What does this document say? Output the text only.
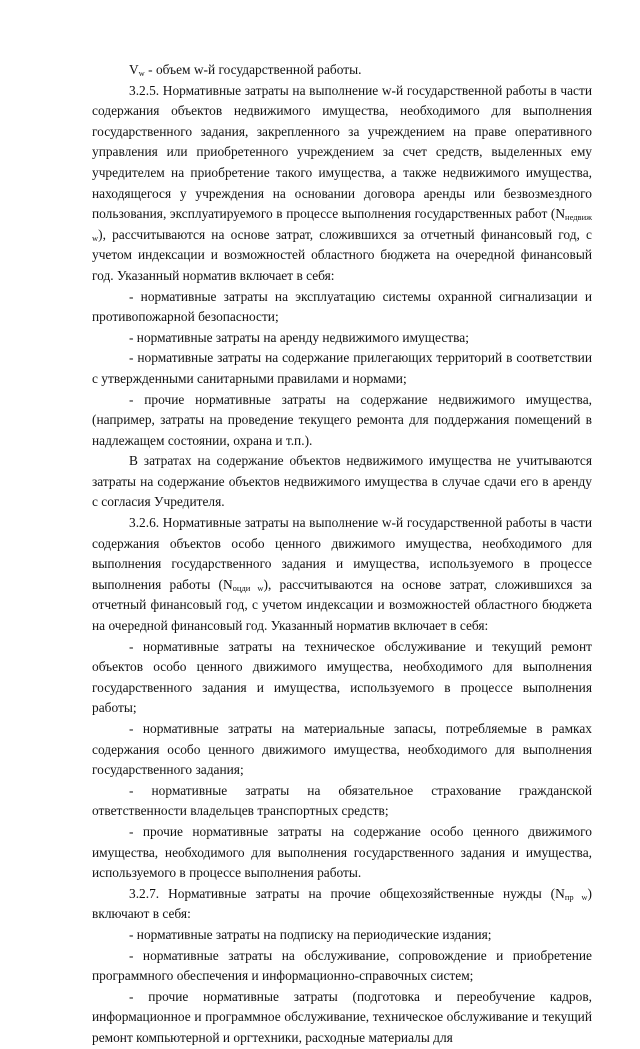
$V_w$ - объем w-й государственной работы.

3.2.5. Нормативные затраты на выполнение w-й государственной работы в части содержания объектов недвижимого имущества, необходимого для выполнения государственного задания, закрепленного за учреждением на праве оперативного управления или приобретенного учреждением за счет средств, выделенных ему учредителем на приобретение такого имущества, а также недвижимого имущества, находящегося у учреждения на основании договора аренды или безвозмездного пользования, эксплуатируемого в процессе выполнения государственных работ $(N_{недвиж w})$, рассчитываются на основе затрат, сложившихся за отчетный финансовый год, с учетом индексации и возможностей областного бюджета на очередной финансовый год. Указанный норматив включает в себя:

- нормативные затраты на эксплуатацию системы охранной сигнализации и противопожарной безопасности;

- нормативные затраты на аренду недвижимого имущества;

- нормативные затраты на содержание прилегающих территорий в соответствии с утвержденными санитарными правилами и нормами;

- прочие нормативные затраты на содержание недвижимого имущества, (например, затраты на проведение текущего ремонта для поддержания помещений в надлежащем состоянии, охрана и т.п.).

В затратах на содержание объектов недвижимого имущества не учитываются затраты на содержание объектов недвижимого имущества в случае сдачи его в аренду с согласия Учредителя.

3.2.6. Нормативные затраты на выполнение w-й государственной работы в части содержания объектов особо ценного движимого имущества, необходимого для выполнения государственного задания и имущества, используемого в процессе выполнения работы $(N_{оцди w})$, рассчитываются на основе затрат, сложившихся за отчетный финансовый год, с учетом индексации и возможностей областного бюджета на очередной финансовый год. Указанный норматив включает в себя:

- нормативные затраты на техническое обслуживание и текущий ремонт объектов особо ценного движимого имущества, необходимого для выполнения государственного задания и имущества, используемого в процессе выполнения работы;

- нормативные затраты на материальные запасы, потребляемые в рамках содержания особо ценного движимого имущества, необходимого для выполнения государственного задания;

- нормативные затраты на обязательное страхование гражданской ответственности владельцев транспортных средств;

- прочие нормативные затраты на содержание особо ценного движимого имущества, необходимого для выполнения государственного задания и имущества, используемого в процессе выполнения работы.

3.2.7. Нормативные затраты на прочие общехозяйственные нужды $(N_{пр w})$ включают в себя:

- нормативные затраты на подписку на периодические издания;

- нормативные затраты на обслуживание, сопровождение и приобретение программного обеспечения и информационно-справочных систем;

- прочие нормативные затраты (подготовка и переобучение кадров, информационное и программное обслуживание, техническое обслуживание и текущий ремонт компьютерной и оргтехники, расходные материалы для
